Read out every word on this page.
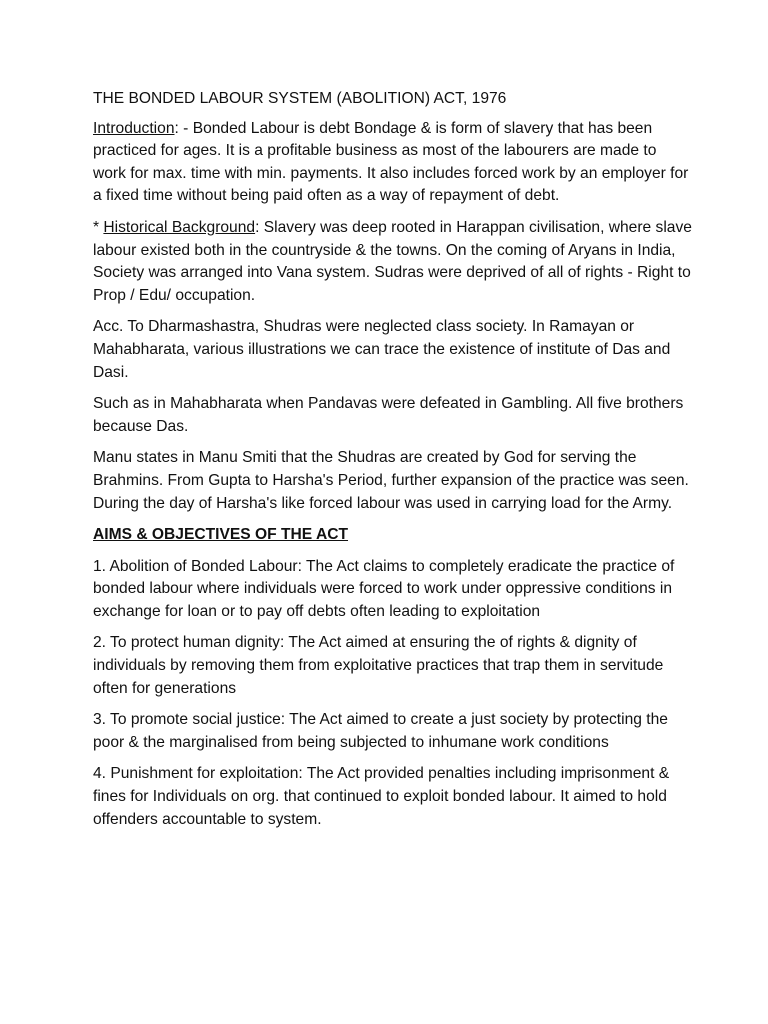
THE BONDED LABOUR SYSTEM (ABOLITION) ACT, 1976

Introduction: - Bonded Labour is debt Bondage & is form of slavery that has been practiced for ages. It is a profitable business as most of the labourers are made to work for max. time with min. payments. It also includes forced work by an employer for a fixed time without being paid often as a way of repayment of debt.

* Historical Background: Slavery was deep rooted in Harappan civilisation, where slave labour existed both in the countryside & the towns. On the coming of Aryans in India, Society was arranged into Vana system. Sudras were deprived of all of rights - Right to Prop / Edu/ occupation.

Acc. To Dharmashastra, Shudras were neglected class society. In Ramayan or Mahabharata, various illustrations we can trace the existence of institute of Das and Dasi.

Such as in Mahabharata when Pandavas were defeated in Gambling. All five brothers because Das.

Manu states in Manu Smiti that the Shudras are created by God for serving the Brahmins. From Gupta to Harsha's Period, further expansion of the practice was seen. During the day of Harsha's like forced labour was used in carrying load for the Army.

AIMS & OBJECTIVES OF THE ACT

1. Abolition of Bonded Labour: The Act claims to completely eradicate the practice of bonded labour where individuals were forced to work under oppressive conditions in exchange for loan or to pay off debts often leading to exploitation

2. To protect human dignity: The Act aimed at ensuring the of rights & dignity of individuals by removing them from exploitative practices that trap them in servitude often for generations

3. To promote social justice: The Act aimed to create a just society by protecting the poor & the marginalised from being subjected to inhumane work conditions

4. Punishment for exploitation: The Act provided penalties including imprisonment & fines for Individuals on org. that continued to exploit bonded labour. It aimed to hold offenders accountable to system.
